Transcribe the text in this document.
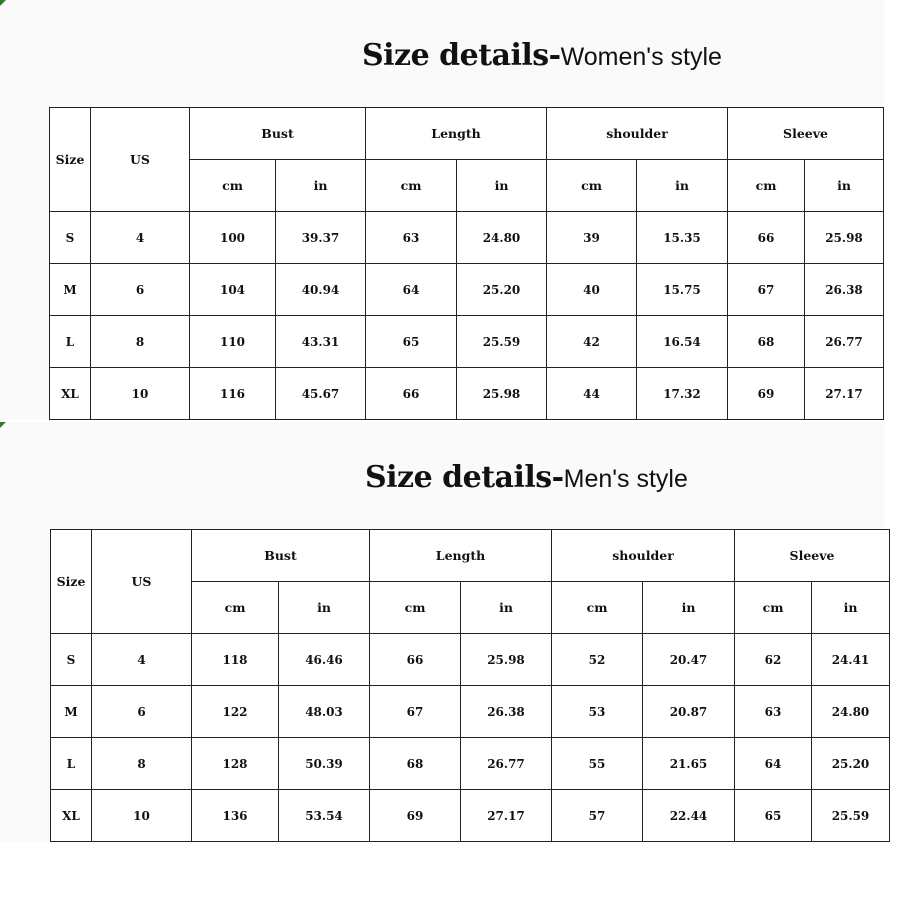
Size details-Women's style
Size	US	Bust		Length		shoulder		Sleeve	
		cm	in	cm	in	cm	in	cm	in
S	4	100	39.37	63	24.80	39	15.35	66	25.98
M	6	104	40.94	64	25.20	40	15.75	67	26.38
L	8	110	43.31	65	25.59	42	16.54	68	26.77
XL	10	116	45.67	66	25.98	44	17.32	69	27.17
Size details-Men's style
Size	US	Bust		Length		shoulder		Sleeve	
		cm	in	cm	in	cm	in	cm	in
S	4	118	46.46	66	25.98	52	20.47	62	24.41
M	6	122	48.03	67	26.38	53	20.87	63	24.80
L	8	128	50.39	68	26.77	55	21.65	64	25.20
XL	10	136	53.54	69	27.17	57	22.44	65	25.59
